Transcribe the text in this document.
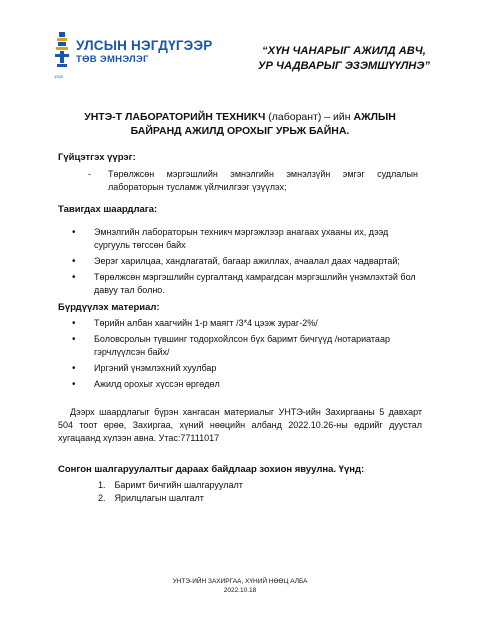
1925
УЛСЫН НЭГДҮГЭЭР
ТӨВ ЭМНЭЛЭГ
“ХҮН ЧАНАРЫГ АЖИЛД АВЧ,
УР ЧАДВАРЫГ ЭЗЭМШҮҮЛНЭ”
УНТЭ-Т ЛАБОРАТОРИЙН ТЕХНИКЧ (лаборант) – ийн АЖЛЫН
БАЙРАНД АЖИЛД ОРОХЫГ УРЬЖ БАЙНА.
Гүйцэтгэх үүрэг:
- Төрөлжсөн мэргэшлийн эмнэлгийн эмнэлзүйн эмгэг судлалын лабораторын тусламж үйлчилгээг үзүүлэх;
Тавигдах шаардлага:
• Эмнэлгийн лабораторын техникч мэргэжлээр анагаах ухааны их, дээд сургууль төгссөн байх
• Эерэг харилцаа, хандлагатай, багаар ажиллах, ачаалал даах чадвартай;
• Төрөлжсөн мэргэшлийн сургалтанд хамрагдсан мэргэшлийн үнэмлэхтэй бол давуу тал болно.
Бүрдүүлэх материал:
• Төрийн албан хаагчийн 1-р маягт /3*4 цээж зураг-2%/
• Боловсролын түвшинг тодорхойлсон бүх баримт бичгүүд /нотариатаар гэрчлүүлсэн байх/
• Иргэний үнэмлэхний хуулбар
• Ажилд орохыг хүссэн өргөдөл
Дээрх шаардлагыг бүрэн хангасан материалыг УНТЭ-ийн Захиргааны 5 давхарт 504 тоот өрөө, Захиргаа, хүний нөөцийн албанд 2022.10.26-ны өдрийг дуустал хугацаанд хүлээн авна. Утас:77111017
Сонгон шалгаруулалтыг дараах байдлаар зохион явуулна. Үүнд:
1. Баримт бичгийн шалгаруулалт
2. Ярилцлагын шалгалт
УНТЭ-ИЙН ЗАХИРГАА, ХҮНИЙ НӨӨЦ АЛБА
2022.10.18
